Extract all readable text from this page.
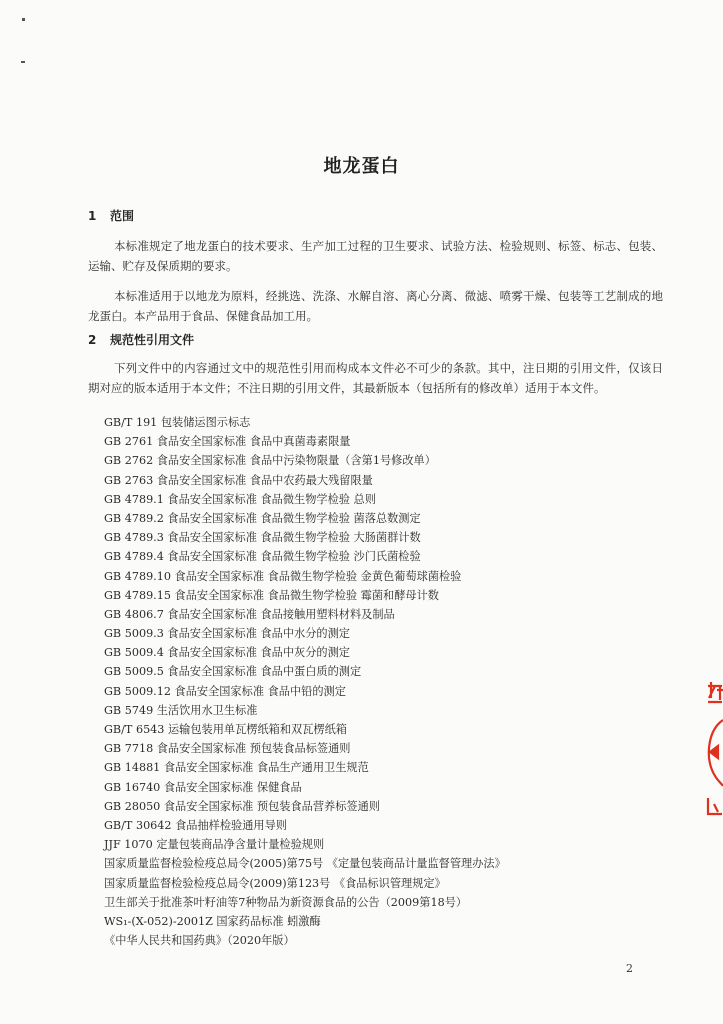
地龙蛋白
1 范围
本标准规定了地龙蛋白的技术要求、生产加工过程的卫生要求、试验方法、检验规则、标签、标志、包装、运输、贮存及保质期的要求。
本标准适用于以地龙为原料，经挑选、洗涤、水解自溶、离心分离、微滤、喷雾干燥、包装等工艺制成的地龙蛋白。本产品用于食品、保健食品加工用。
2 规范性引用文件
下列文件中的内容通过文中的规范性引用而构成本文件必不可少的条款。其中，注日期的引用文件，仅该日期对应的版本适用于本文件；不注日期的引用文件，其最新版本（包括所有的修改单）适用于本文件。
GB/T 191 包装储运图示标志
GB 2761 食品安全国家标准 食品中真菌毒素限量
GB 2762 食品安全国家标准 食品中污染物限量（含第1号修改单）
GB 2763 食品安全国家标准 食品中农药最大残留限量
GB 4789.1 食品安全国家标准 食品微生物学检验 总则
GB 4789.2 食品安全国家标准 食品微生物学检验 菌落总数测定
GB 4789.3 食品安全国家标准 食品微生物学检验 大肠菌群计数
GB 4789.4 食品安全国家标准 食品微生物学检验 沙门氏菌检验
GB 4789.10 食品安全国家标准 食品微生物学检验 金黄色葡萄球菌检验
GB 4789.15 食品安全国家标准 食品微生物学检验 霉菌和酵母计数
GB 4806.7 食品安全国家标准 食品接触用塑料材料及制品
GB 5009.3 食品安全国家标准 食品中水分的测定
GB 5009.4 食品安全国家标准 食品中灰分的测定
GB 5009.5 食品安全国家标准 食品中蛋白质的测定
GB 5009.12 食品安全国家标准 食品中铅的测定
GB 5749 生活饮用水卫生标准
GB/T 6543 运输包装用单瓦楞纸箱和双瓦楞纸箱
GB 7718 食品安全国家标准 预包装食品标签通则
GB 14881 食品安全国家标准 食品生产通用卫生规范
GB 16740 食品安全国家标准 保健食品
GB 28050 食品安全国家标准 预包装食品营养标签通则
GB/T 30642 食品抽样检验通用导则
JJF 1070 定量包装商品净含量计量检验规则
国家质量监督检验检疫总局令(2005)第75号 《定量包装商品计量监督管理办法》
国家质量监督检验检疫总局令(2009)第123号 《食品标识管理规定》
卫生部关于批准茶叶籽油等7种物品为新资源食品的公告（2009第18号）
WS₁-(X-052)-2001Z 国家药品标准 蚓激酶
《中华人民共和国药典》（2020年版）
2
